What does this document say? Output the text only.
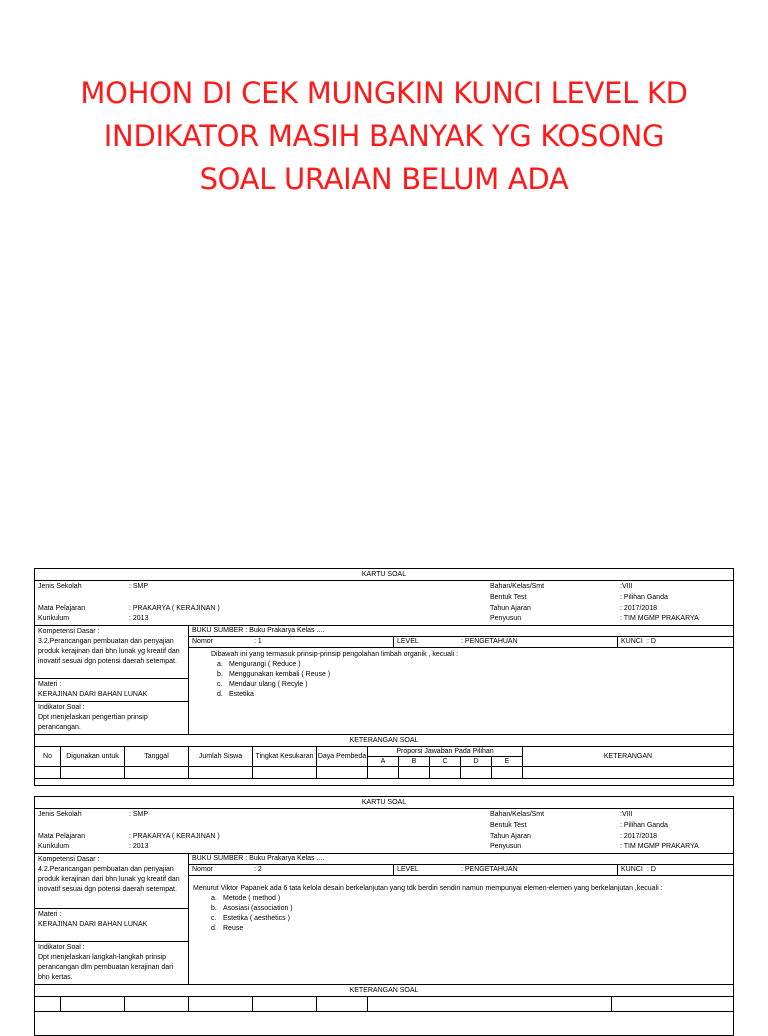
MOHON DI CEK MUNGKIN KUNCI LEVEL KD
INDIKATOR MASIH BANYAK YG KOSONG
SOAL URAIAN BELUM ADA
KARTU SOAL
Jenis Sekolah	: SMP
Mata Pelajaran	: PRAKARYA ( KERAJINAN )
Kurikulum	: 2013
Bahan/Kelas/Smt	:VIII
Bentuk Test	: Pilihan Ganda
Tahun Ajaran	: 2017/2018
Penyusun	: TIM MGMP PRAKARYA
Kompetensi Dasar :
3.2.Perancangan pembuatan dan penyajian produk kerajinan dari bhn lunak yg kreatif dan inovatif sesuai dgn potensi daerah setempat.
Materi :
KERAJINAN DARI BAHAN LUNAK
Indikator Soal :
Dpt menjelaskan pengertian prinsip perancangan.
BUKU SUMBER : Buku Prakarya Kelas ....
Nomor	: 1	LEVEL	: PENGETAHUAN	KUNCI : D
Dibawah ini yang termasuk prinsip-prinsip pengolahan limbah organik , kecuali :
a. Mengurangi ( Reduce )
b. Menggunakan kembali ( Reuse )
c. Mendaur ulang ( Recyle )
d. Estetika
KETERANGAN SOAL
No	Digunakan untuk	Tanggal	Jumlah Siswa	Tingkat Kesukaran	Daya Pembeda	Proporsi Jawaban Pada Pilihan					KETERANGAN
						A	B	C	D	E	

KARTU SOAL
Jenis Sekolah	: SMP
Mata Pelajaran	: PRAKARYA ( KERAJINAN )
Kurikulum	: 2013
Bahan/Kelas/Smt	:VIII
Bentuk Test	: Pilihan Ganda
Tahun Ajaran	: 2017/2018
Penyusun	: TIM MGMP PRAKARYA
Kompetensi Dasar :
4.2.Perancangan pembuatan dan penyajian produk kerajinan dari bhn lunak yg kreatif dan inovatif sesuai dgn potensi daerah setempat.
Materi :
KERAJINAN DARI BAHAN LUNAK
Indikator Soal :
Dpt menjelaskan langkah-langkah prinsip perancangan dlm pembuatan kerajinan dari bhn kertas.
BUKU SUMBER : Buku Prakarya Kelas ....
Nomor	: 2	LEVEL	: PENGETAHUAN	KUNCI : D
Menurut Viktor Papanek ada 6 tata kelola desain berkelanjutan yang tdk berdiri sendiri namun mempunyai elemen-elemen yang berkelanjutan ,kecuali :
a. Metode ( method )
b. Asosiasi (association )
c. Estetika ( aesthetics )
d. Reuse
KETERANGAN SOAL
